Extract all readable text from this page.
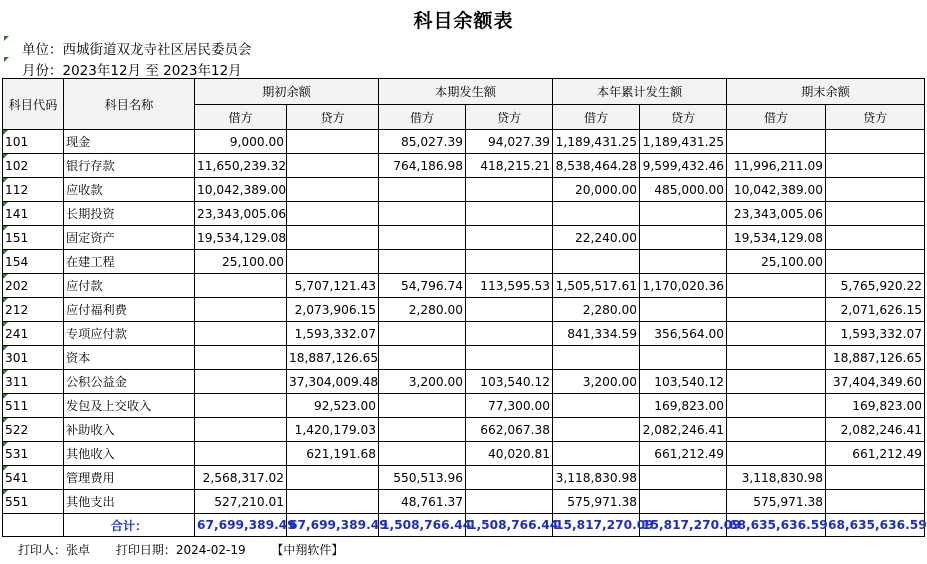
科目余额表
单位：西城街道双龙寺社区居民委员会
月份：2023年12月 至 2023年12月
科目代码	科目名称	期初余额		本期发生额		本年累计发生额		期末余额	
		借方	贷方	借方	贷方	借方	贷方	借方	贷方
101	现金	9,000.00		85,027.39	94,027.39	1,189,431.25	1,189,431.25		
102	银行存款	11,650,239.32		764,186.98	418,215.21	8,538,464.28	9,599,432.46	11,996,211.09	
112	应收款	10,042,389.00				20,000.00	485,000.00	10,042,389.00	
141	长期投资	23,343,005.06						23,343,005.06	
151	固定资产	19,534,129.08				22,240.00		19,534,129.08	
154	在建工程	25,100.00						25,100.00	
202	应付款		5,707,121.43	54,796.74	113,595.53	1,505,517.61	1,170,020.36		5,765,920.22
212	应付福利费		2,073,906.15	2,280.00		2,280.00			2,071,626.15
241	专项应付款		1,593,332.07			841,334.59	356,564.00		1,593,332.07
301	资本		18,887,126.65						18,887,126.65
311	公积公益金		37,304,009.48	3,200.00	103,540.12	3,200.00	103,540.12		37,404,349.60
511	发包及上交收入		92,523.00		77,300.00		169,823.00		169,823.00
522	补助收入		1,420,179.03		662,067.38		2,082,246.41		2,082,246.41
531	其他收入		621,191.68		40,020.81		661,212.49		661,212.49
541	管理费用	2,568,317.02		550,513.96		3,118,830.98		3,118,830.98	
551	其他支出	527,210.01		48,761.37		575,971.38		575,971.38	
	合计：	67,699,389.49	67,699,389.49	1,508,766.44	1,508,766.44	15,817,270.09	15,817,270.09	68,635,636.59	68,635,636.59
打印人：张卓 打印日期：2024-02-19 【中翔软件】
